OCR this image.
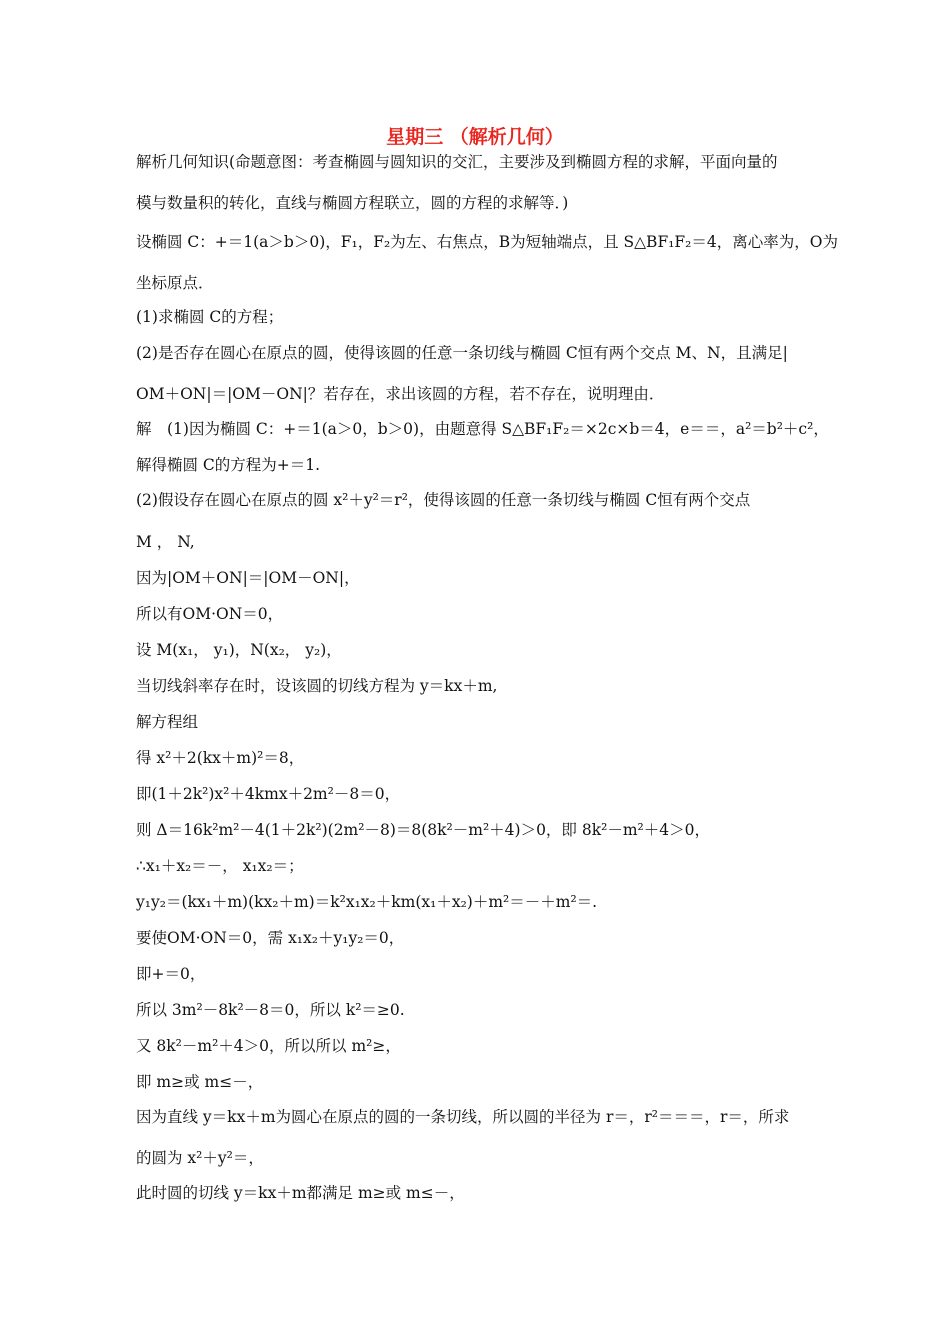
星期三 （解析几何）
解析几何知识(命题意图：考查椭圆与圆知识的交汇，主要涉及到椭圆方程的求解，平面向量的
模与数量积的转化，直线与椭圆方程联立，圆的方程的求解等．)
设椭圆 C：+＝1(a＞b＞0)，F₁，F₂为左、右焦点，B为短轴端点，且 S△BF₁F₂＝4，离心率为，O为
坐标原点．
(1)求椭圆 C的方程；
(2)是否存在圆心在原点的圆，使得该圆的任意一条切线与椭圆 C恒有两个交点 M、N，且满足|
OM＋ON|＝|OM－ON|？若存在，求出该圆的方程，若不存在，说明理由．
解　(1)因为椭圆 C：+＝1(a＞0，b＞0)，由题意得 S△BF₁F₂＝×2c×b＝4，e＝＝，a²＝b²＋c²，
解得椭圆 C的方程为+＝1.
(2)假设存在圆心在原点的圆 x²＋y²＝r²，使得该圆的任意一条切线与椭圆 C恒有两个交点
M ， N,
因为|OM＋ON|＝|OM－ON|，
所以有OM·ON＝0，
设 M(x₁， y₁)，N(x₂， y₂)，
当切线斜率存在时，设该圆的切线方程为 y＝kx＋m,
解方程组
得 x²＋2(kx＋m)²＝8，
即(1＋2k²)x²＋4kmx＋2m²－8＝0，
则 Δ＝16k²m²－4(1＋2k²)(2m²－8)＝8(8k²－m²＋4)＞0，即 8k²－m²＋4＞0，
∴x₁＋x₂＝－， x₁x₂＝；
y₁y₂＝(kx₁＋m)(kx₂＋m)＝k²x₁x₂＋km(x₁＋x₂)＋m²＝－＋m²＝.
要使OM·ON＝0，需 x₁x₂＋y₁y₂＝0，
即+＝0，
所以 3m²－8k²－8＝0，所以 k²＝≥0.
又 8k²－m²＋4＞0，所以所以 m²≥，
即 m≥或 m≤－，
因为直线 y＝kx＋m为圆心在原点的圆的一条切线，所以圆的半径为 r＝，r²＝＝＝，r＝，所求
的圆为 x²＋y²＝，
此时圆的切线 y＝kx＋m都满足 m≥或 m≤－，
